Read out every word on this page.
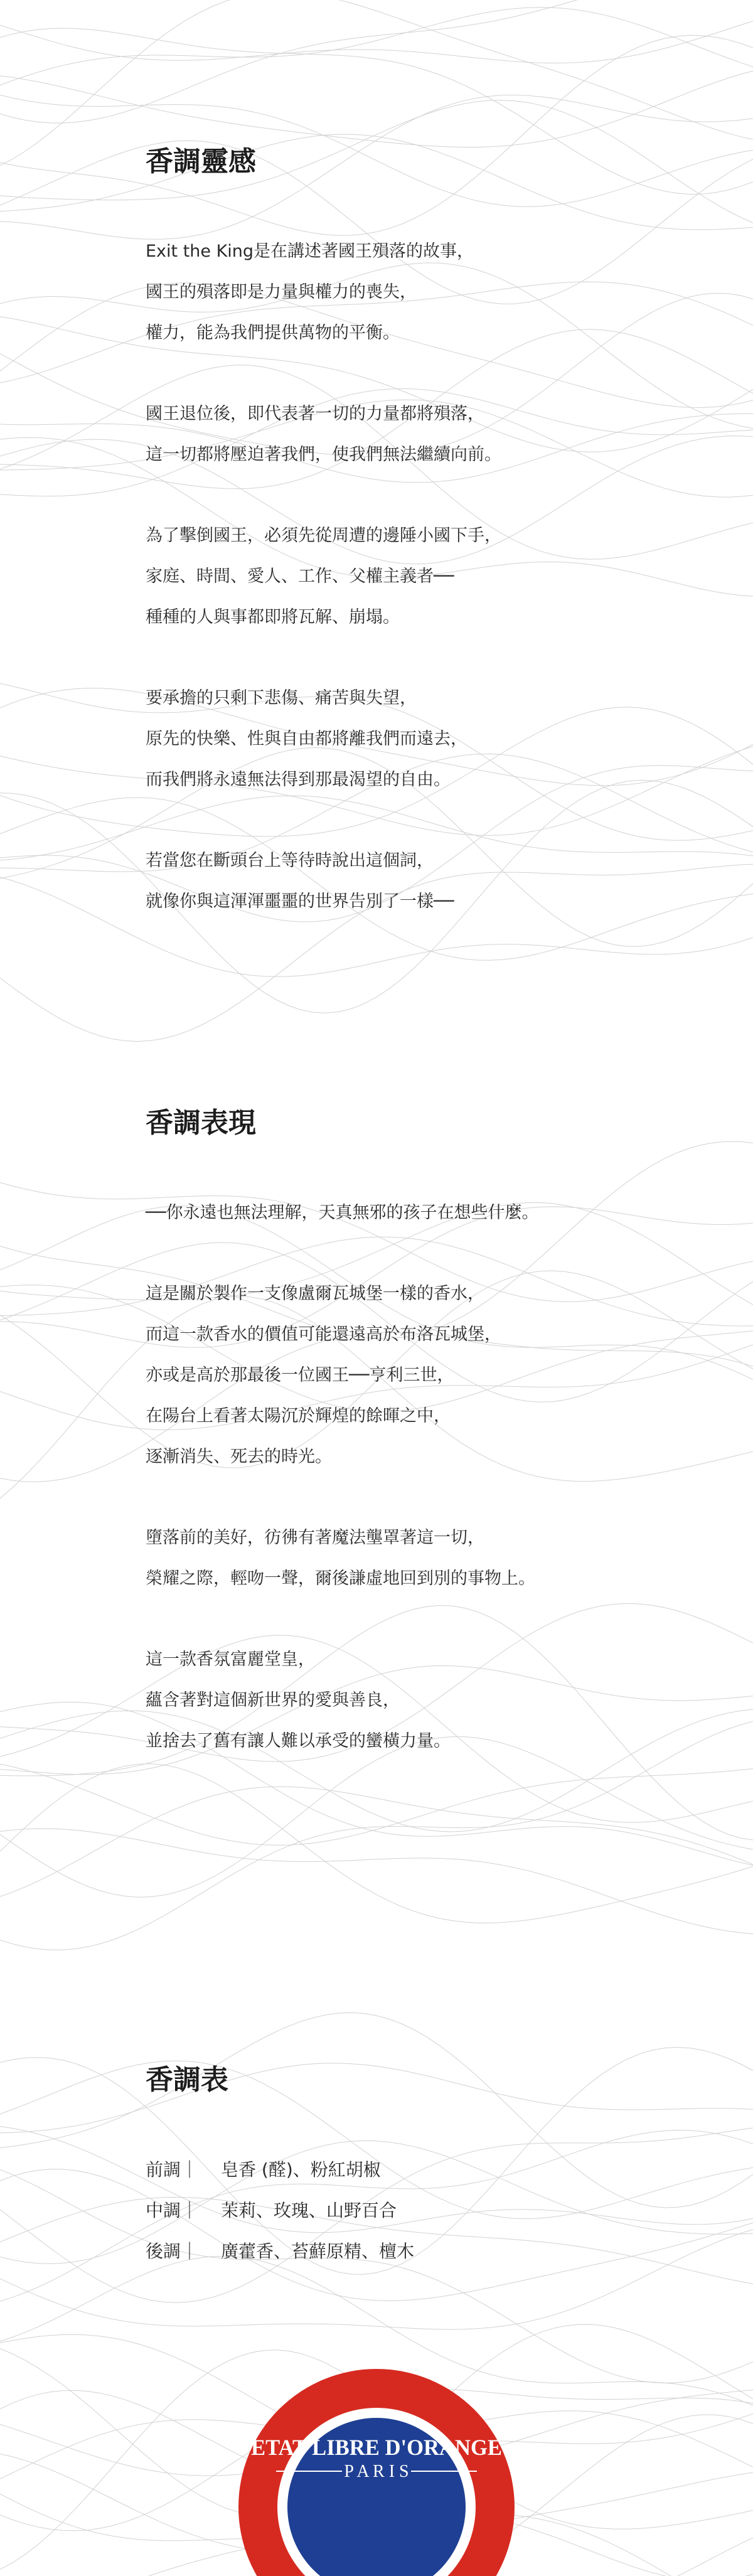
香調靈感
Exit the King是在講述著國王殞落的故事，
國王的殞落即是力量與權力的喪失，
權力，能為我們提供萬物的平衡。
國王退位後，即代表著一切的力量都將殞落，
這一切都將壓迫著我們，使我們無法繼續向前。
為了擊倒國王，必須先從周遭的邊陲小國下手，
家庭、時間、愛人、工作、父權主義者──
種種的人與事都即將瓦解、崩塌。
要承擔的只剩下悲傷、痛苦與失望，
原先的快樂、性與自由都將離我們而遠去，
而我們將永遠無法得到那最渴望的自由。
若當您在斷頭台上等待時說出這個詞，
就像你與這渾渾噩噩的世界告別了一樣──
香調表現
──你永遠也無法理解，天真無邪的孩子在想些什麼。
這是關於製作一支像盧爾瓦城堡一樣的香水，
而這一款香水的價值可能還遠高於布洛瓦城堡，
亦或是高於那最後一位國王──亨利三世，
在陽台上看著太陽沉於輝煌的餘暉之中，
逐漸消失、死去的時光。
墮落前的美好，彷彿有著魔法壟罩著這一切，
榮耀之際，輕吻一聲，爾後謙虛地回到別的事物上。
這一款香氛富麗堂皇，
蘊含著對這個新世界的愛與善良，
並捨去了舊有讓人難以承受的蠻橫力量。
香調表
前調｜	皂香 (醛)、粉紅胡椒
中調｜	茉莉、玫瑰、山野百合
後調｜	廣藿香、苔蘚原精、檀木
ETAT LIBRE D'ORANGE
P A R I S
